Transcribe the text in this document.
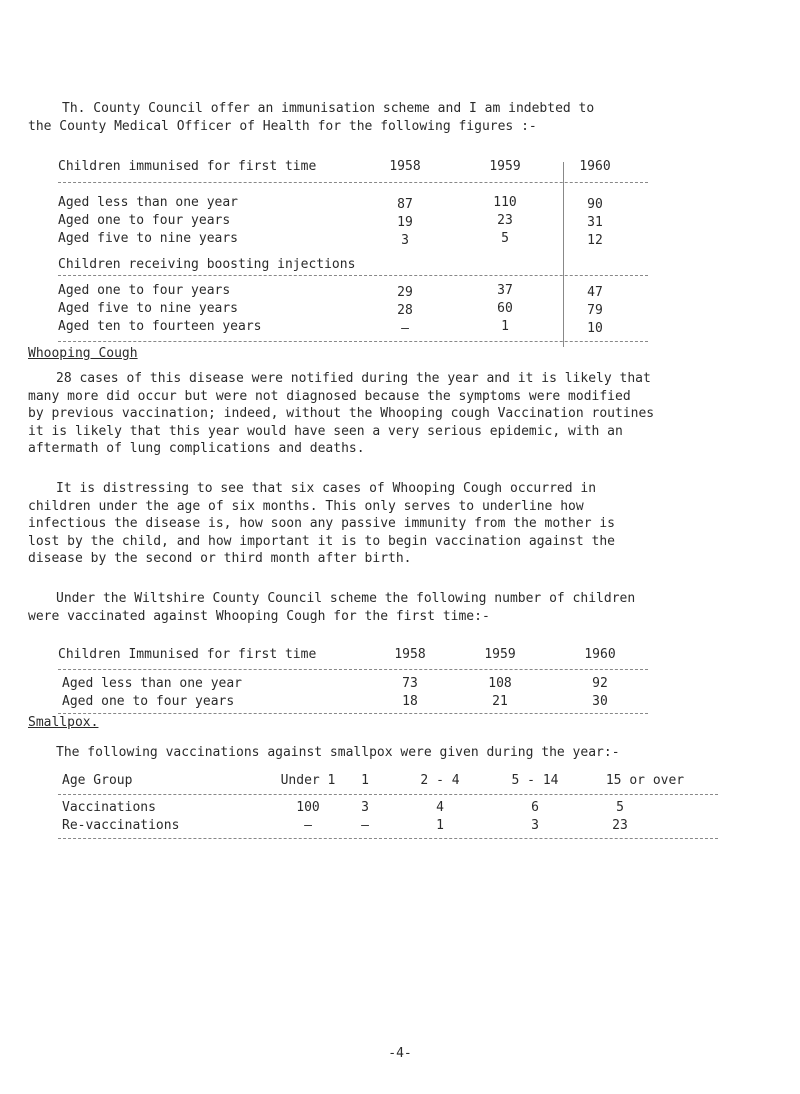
Th. County Council offer an immunisation scheme and I am indebted to
the County Medical Officer of Health for the following figures :-
Children immunised for first time	1958	1959	1960
Aged less than one year	87	110	90
Aged one to four years	19	23	31
Aged five to nine years	3	5	12
Children receiving boosting injections
Aged one to four years	29	37	47
Aged five to nine years	28	60	79
Aged ten to fourteen years	–	1	10
Whooping Cough
28 cases of this disease were notified during the year and it is likely that
many more did occur but were not diagnosed because the symptoms were modified
by previous vaccination; indeed, without the Whooping cough Vaccination routines
it is likely that this year would have seen a very serious epidemic, with an
aftermath of lung complications and deaths.
It is distressing to see that six cases of Whooping Cough occurred in
children under the age of six months. This only serves to underline how
infectious the disease is, how soon any passive immunity from the mother is
lost by the child, and how important it is to begin vaccination against the
disease by the second or third month after birth.
Under the Wiltshire County Council scheme the following number of children
were vaccinated against Whooping Cough for the first time:-
Children Immunised for first time	1958	1959	1960
Aged less than one year	73	108	92
Aged one to four years	18	21	30
Smallpox.
The following vaccinations against smallpox were given during the year:-
Age Group	Under 1	1	2 - 4	5 - 14	15 or over
Vaccinations	100	3	4	6	5
Re-vaccinations	–	–	1	3	23
-4-
